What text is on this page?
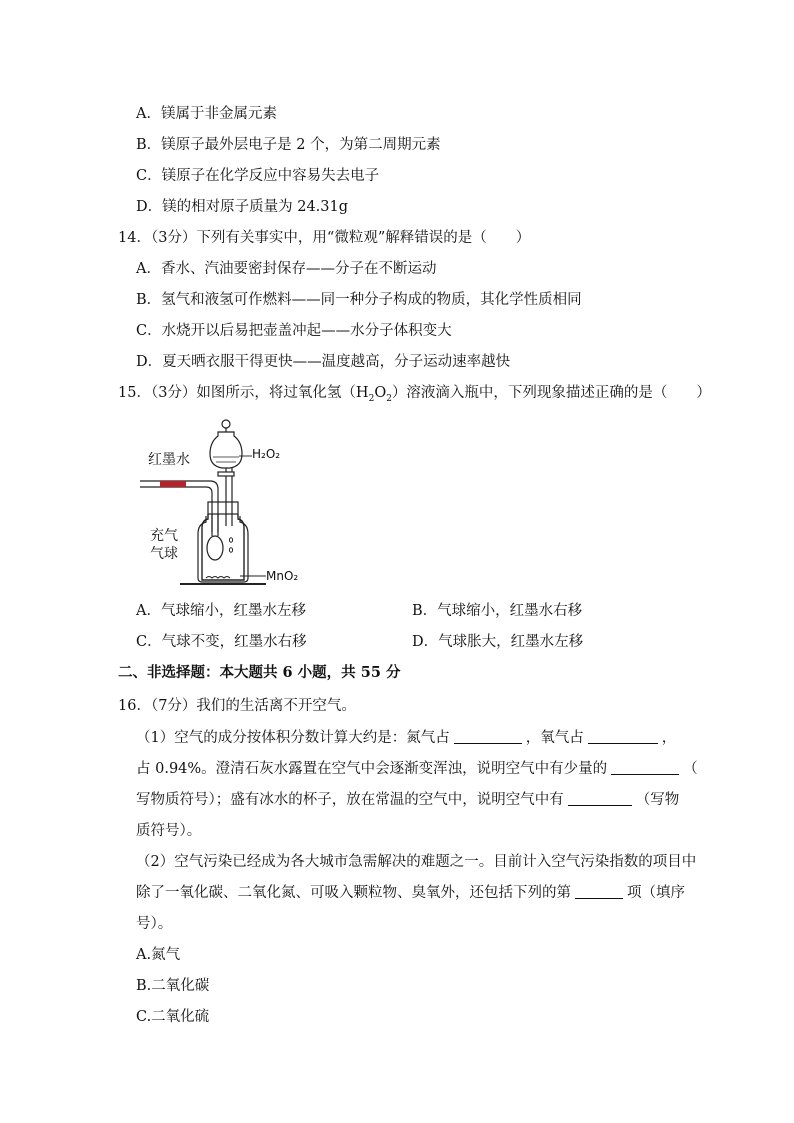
A．镁属于非金属元素
B．镁原子最外层电子是 2 个，为第二周期元素
C．镁原子在化学反应中容易失去电子
D．镁的相对原子质量为 24.31g
14．（3分）下列有关事实中，用“微粒观”解释错误的是（　　）
A．香水、汽油要密封保存——分子在不断运动
B．氢气和液氢可作燃料——同一种分子构成的物质，其化学性质相同
C．水烧开以后易把壶盖冲起——水分子体积变大
D．夏天晒衣服干得更快——温度越高，分子运动速率越快
15．（3分）如图所示，将过氧化氢$(H_2O_2)$溶液滴入瓶中，下列现象描述正确的是（　　）
红墨水	H₂O₂
MnO₂
充气
气球
A．气球缩小，红墨水左移	B．气球缩小，红墨水右移
C．气球不变，红墨水右移	D．气球胀大，红墨水左移
二、非选择题：本大题共 6 小题，共 55 分
16．（7分）我们的生活离不开空气。
（1）空气的成分按体积分数计算大约是：氮气占	，氧气占	，
占 0.94%。澄清石灰水露置在空气中会逐渐变浑浊，说明空气中有少量的	（
写物质符号）；盛有冰水的杯子，放在常温的空气中，说明空气中有	（写物
质符号）。
（2）空气污染已经成为各大城市急需解决的难题之一。目前计入空气污染指数的项目中
除了一氧化碳、二氧化氮、可吸入颗粒物、臭氧外，还包括下列的第	项（填序
号）。
A.氮气
B.二氧化碳
C.二氧化硫
